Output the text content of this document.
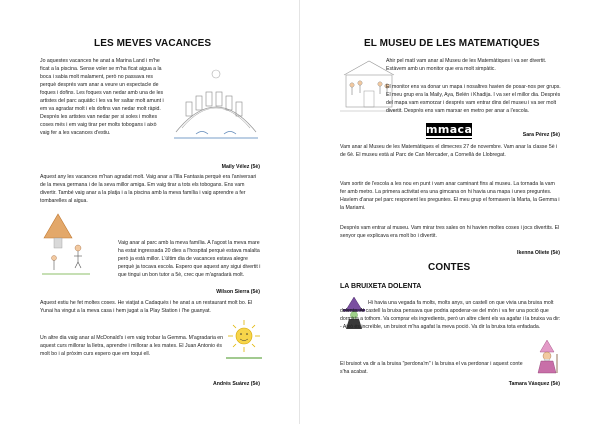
LES MEVES VACANCES
Jo aquestes vacances he anat a Marina Land i m'he ficat a la piscina. Sense voler se m'ha ficat aigua a la boca i sabia molt malament, però no passava res perquè després vam anar a veure un espectacle de foques i dofins. Les foques van nedar amb una de les artistes del parc aquàtic i les va fer saltar molt amunt i em va agradar molt i els dofins van nedar molt ràpid. Després les artistes van nedar per si soles i moltes coses més i em vaig tirar per molts tobogans i això vaig fer a les vacances d'estiu.
Maily Vélez (5è)
Aquest any les vacances m'han agradat molt. Vaig anar a l'Illa Fantasia perquè era l'aniversari de la meva germana i de la seva millor amiga. Em vaig tirar a tots els tobogans. Ens vam divertir. També vaig anar a la platja i a la piscina amb la meva família i vaig aprendre a fer tombarelles al aigua.
Vaig anar al parc amb la meva família. A l'agost la meva mare ha estat ingressada 20 dies a l'hospital perquè estava malalta però ja està millor. L'últim dia de vacances estava alegre perquè ja tocava escola. Espero que aquest any sigui divertit i que tingui un bon tutor a 5è, crec que m'agradarà molt.
Wilson Sierra (5è)
Aquest estiu he fet moltes coses. He viatjat a Cadaqués i he anat a un restaurant molt bo. El Yunai ha vingut a la meva casa i hem jugat a la Play Station i l'he guanyat.
Un altre dia vaig anar al McDonald's i em vaig trobar la Gemma. M'agradaria en aquest curs millorar la lletra, aprendre i millorar a les mates. El Juan Antonio és molt bo i al pròxim curs espero que em toqui ell.
Andrés Suárez (5è)
EL MUSEU DE LES MATEMATIQUES
Ahir pel matí vam anar al Museu de les Matemàtiques i va ser divertit. Estàvem amb un monitor que era molt simpàtic.
El monitor ens va donar un mapa i nosaltres havien de posar-nos per grups. El meu grup era la Maily, Aya, Belén i Khadija. I va ser el millor dia. Després del mapa vam esmorzar i després vam entrar dins del museu i va ser molt divertit. Després ens vam marxar en metro per anar a l'escola.
mmaca	Sara Pérez (5è)
Vam anar al Museu de les Matemàtiques el dimecres 27 de novembre. Vam anar la classe 5è i de 6è. El museu està al Parc de Can Mercader, a Cornellà de Llobregat.
Vam sortir de l'escola a les nou en punt i vam anar caminant fins al museu. La tornada la vam fer amb metro. La primera activitat era una gimcana on hi havia una mapa i unes preguntes. Havíem d'anar pel parc responent les preguntes. El meu grup el formaven la Marta, la Gemma i la Mariami.
Després vam entrar al museu. Vam mirar tres sales on hi havien moltes coses i jocs divertits. El senyor que explicava era molt bo i divertit.
Ikenna Oliete (5è)
CONTES
LA BRUIXETA DOLENTA
Hi havia una vegada fa molts, molts anys, un castell on que vivia una bruixa molt dolenta. Al castell la bruixa pensava que podria apoderar-se del món i va fer una poció que dormiria a tothom. Va comprar els ingredients, però un altre client els va agafar i la bruixa va dir: - Això és increïble, un bruixot m'ha agafat la meva poció. Va dir la bruixa tota enfadada.
El bruixot va dir a la bruixa "perdona'm" i la bruixa el va perdonar i aquest conte s'ha acabat.
Tamara Vásquez (5è)
